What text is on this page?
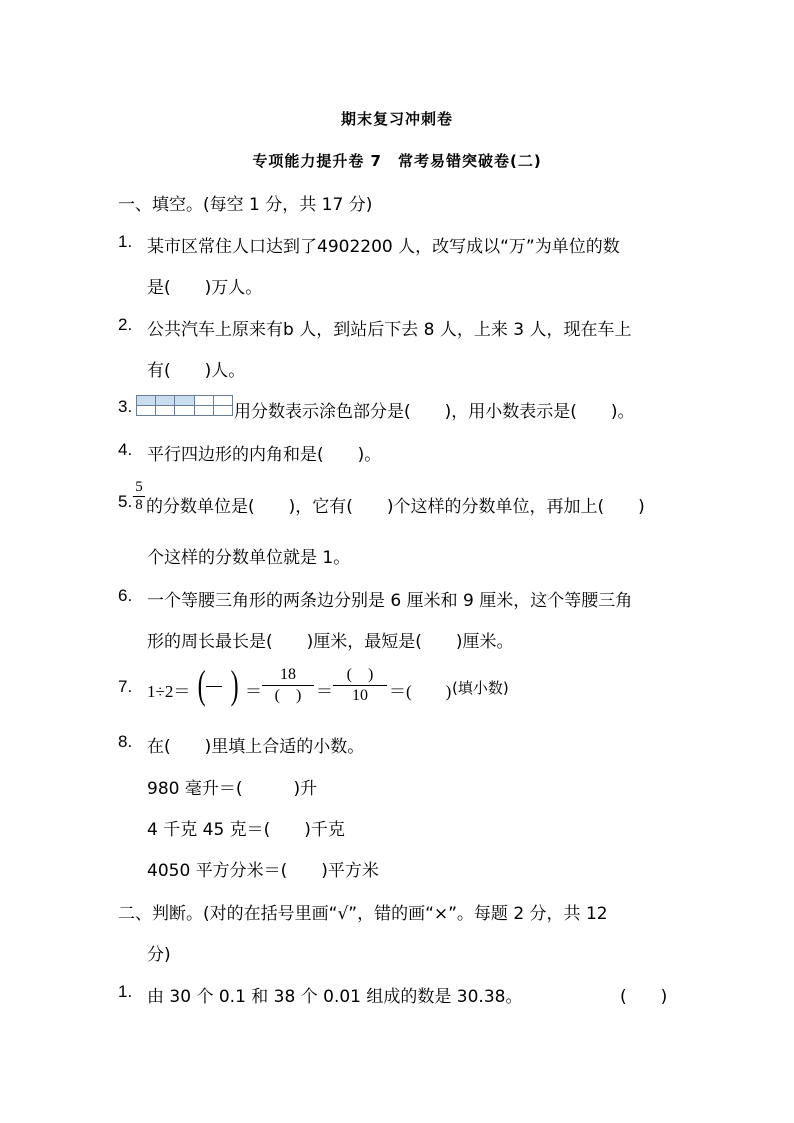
期末复习冲刺卷
专项能力提升卷 7　常考易错突破卷(二)
一、填空。(每空 1 分，共 17 分)
1. 某市区常住人口达到了4902200 人，改写成以“万”为单位的数
是(　　)万人。
2. 公共汽车上原来有b 人，到站后下去 8 人，上来 3 人，现在车上
有(　　)人。
3.	用分数表示涂色部分是(　　)，用小数表示是(　　)。
4. 平行四边形的内角和是(　　)。
5.
5
8 的分数单位是(　　)，它有(　　)个这样的分数单位，再加上(　　)
个这样的分数单位就是 1。
6. 一个等腰三角形的两条边分别是 6 厘米和 9 厘米，这个等腰三角
形的周长最长是(　　)厘米，最短是(　　)厘米。
7. 1÷2＝ ( ) ＝
18
(　) ＝
(　)
10	＝(　　) (填小数)
8. 在(　　)里填上合适的小数。
980 毫升＝(　　　)升
4 千克 45 克＝(　　)千克
4050 平方分米＝(　　)平方米
二、判断。(对的在括号里画“√”，错的画“×”。每题 2 分，共 12
分)
1. 由 30 个 0.1 和 38 个 0.01 组成的数是 30.38。	(　　)
